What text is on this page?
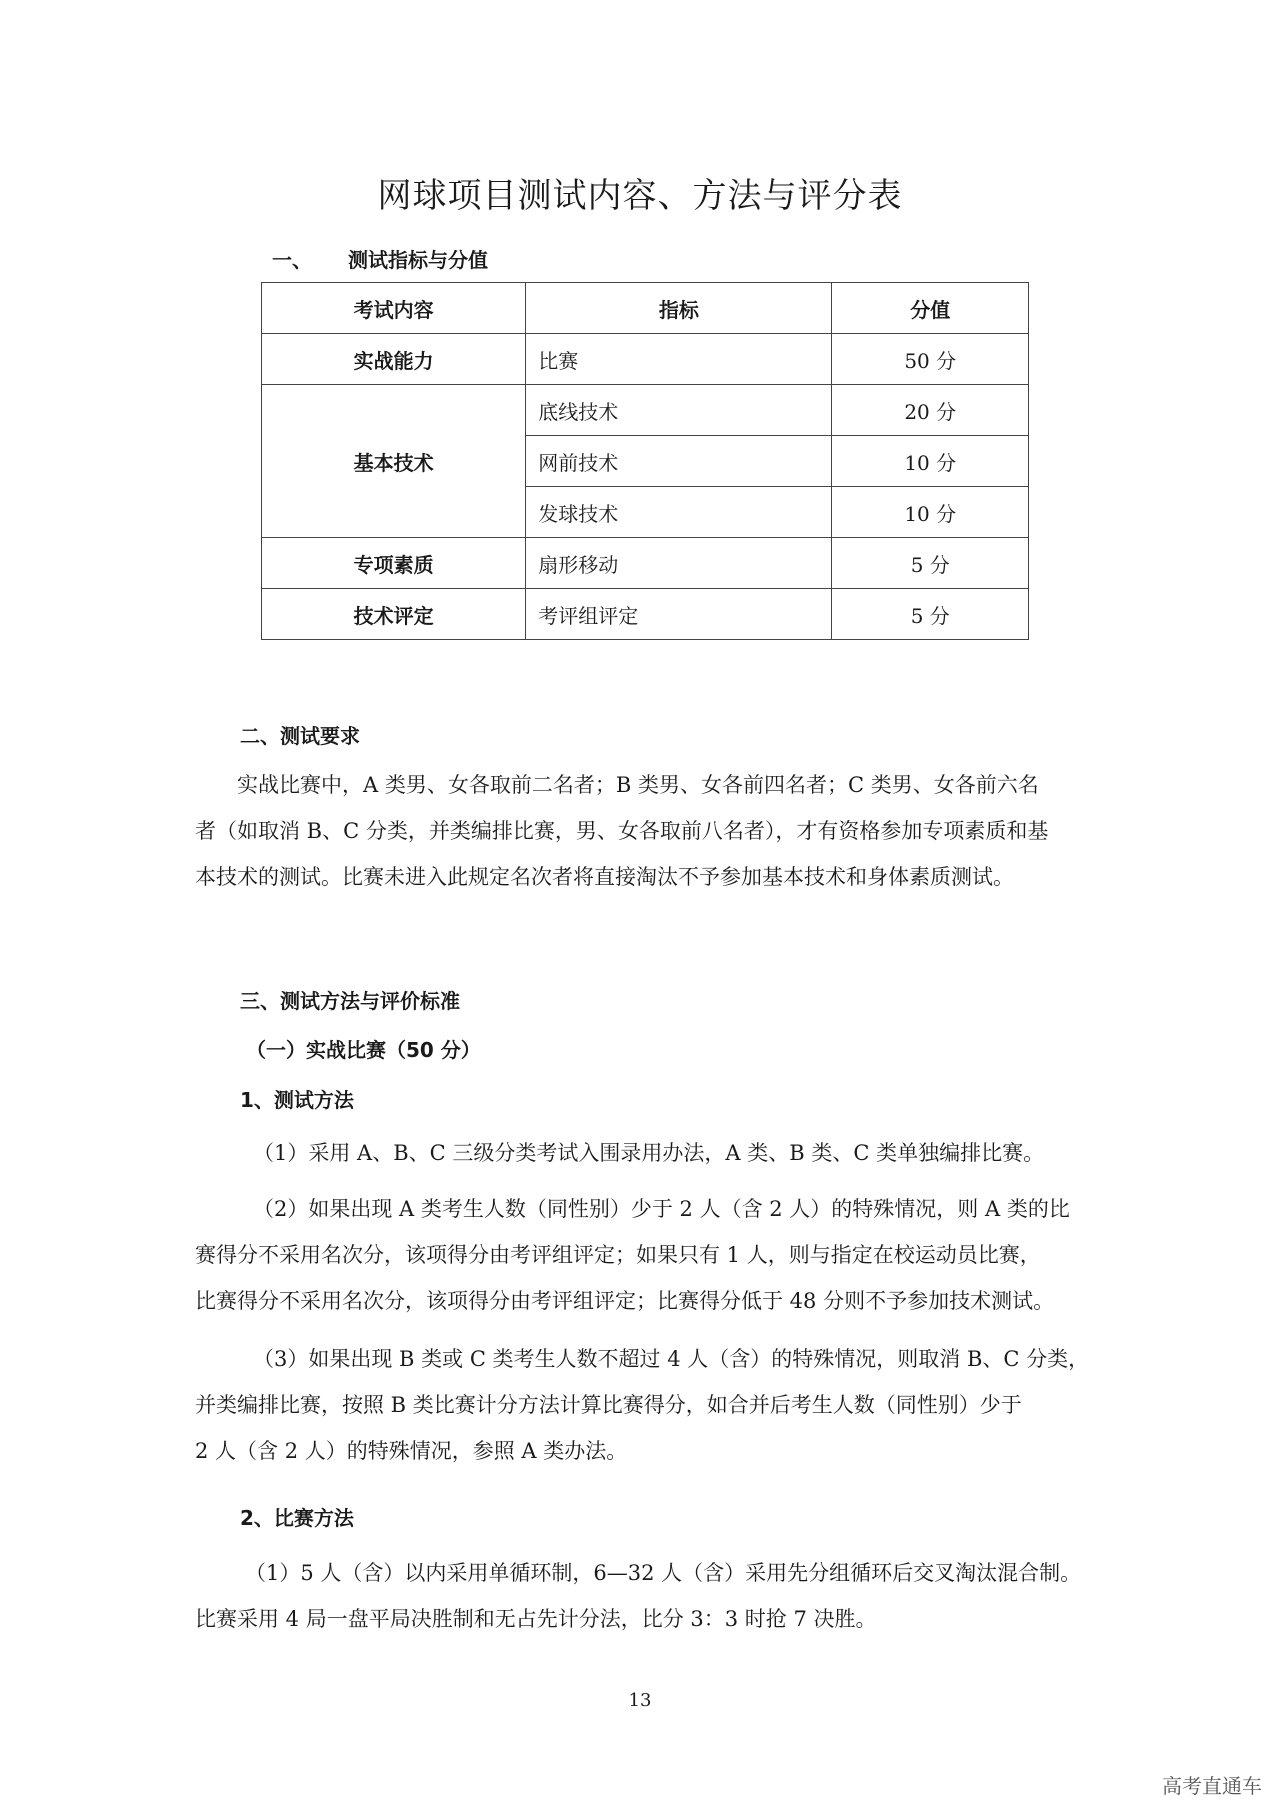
网球项目测试内容、方法与评分表
一、 测试指标与分值
考试内容	指标	分值
实战能力	比赛	50 分
基本技术	底线技术	20 分
	网前技术	10 分
	发球技术	10 分
专项素质	扇形移动	5 分
技术评定	考评组评定	5 分
二、测试要求
实战比赛中，A 类男、女各取前二名者；B 类男、女各前四名者；C 类男、女各前六名
者（如取消 B、C 分类，并类编排比赛，男、女各取前八名者），才有资格参加专项素质和基
本技术的测试。比赛未进入此规定名次者将直接淘汰不予参加基本技术和身体素质测试。
三、测试方法与评价标准
（一）实战比赛（50 分）
1、测试方法
（1）采用 A、B、C 三级分类考试入围录用办法，A 类、B 类、C 类单独编排比赛。
（2）如果出现 A 类考生人数（同性别）少于 2 人（含 2 人）的特殊情况，则 A 类的比
赛得分不采用名次分，该项得分由考评组评定；如果只有 1 人，则与指定在校运动员比赛，
比赛得分不采用名次分，该项得分由考评组评定；比赛得分低于 48 分则不予参加技术测试。
（3）如果出现 B 类或 C 类考生人数不超过 4 人（含）的特殊情况，则取消 B、C 分类，
并类编排比赛，按照 B 类比赛计分方法计算比赛得分，如合并后考生人数（同性别）少于
2 人（含 2 人）的特殊情况，参照 A 类办法。
2、比赛方法
（1）5 人（含）以内采用单循环制，6—32 人（含）采用先分组循环后交叉淘汰混合制。
比赛采用 4 局一盘平局决胜制和无占先计分法，比分 3：3 时抢 7 决胜。
13
高考直通车
